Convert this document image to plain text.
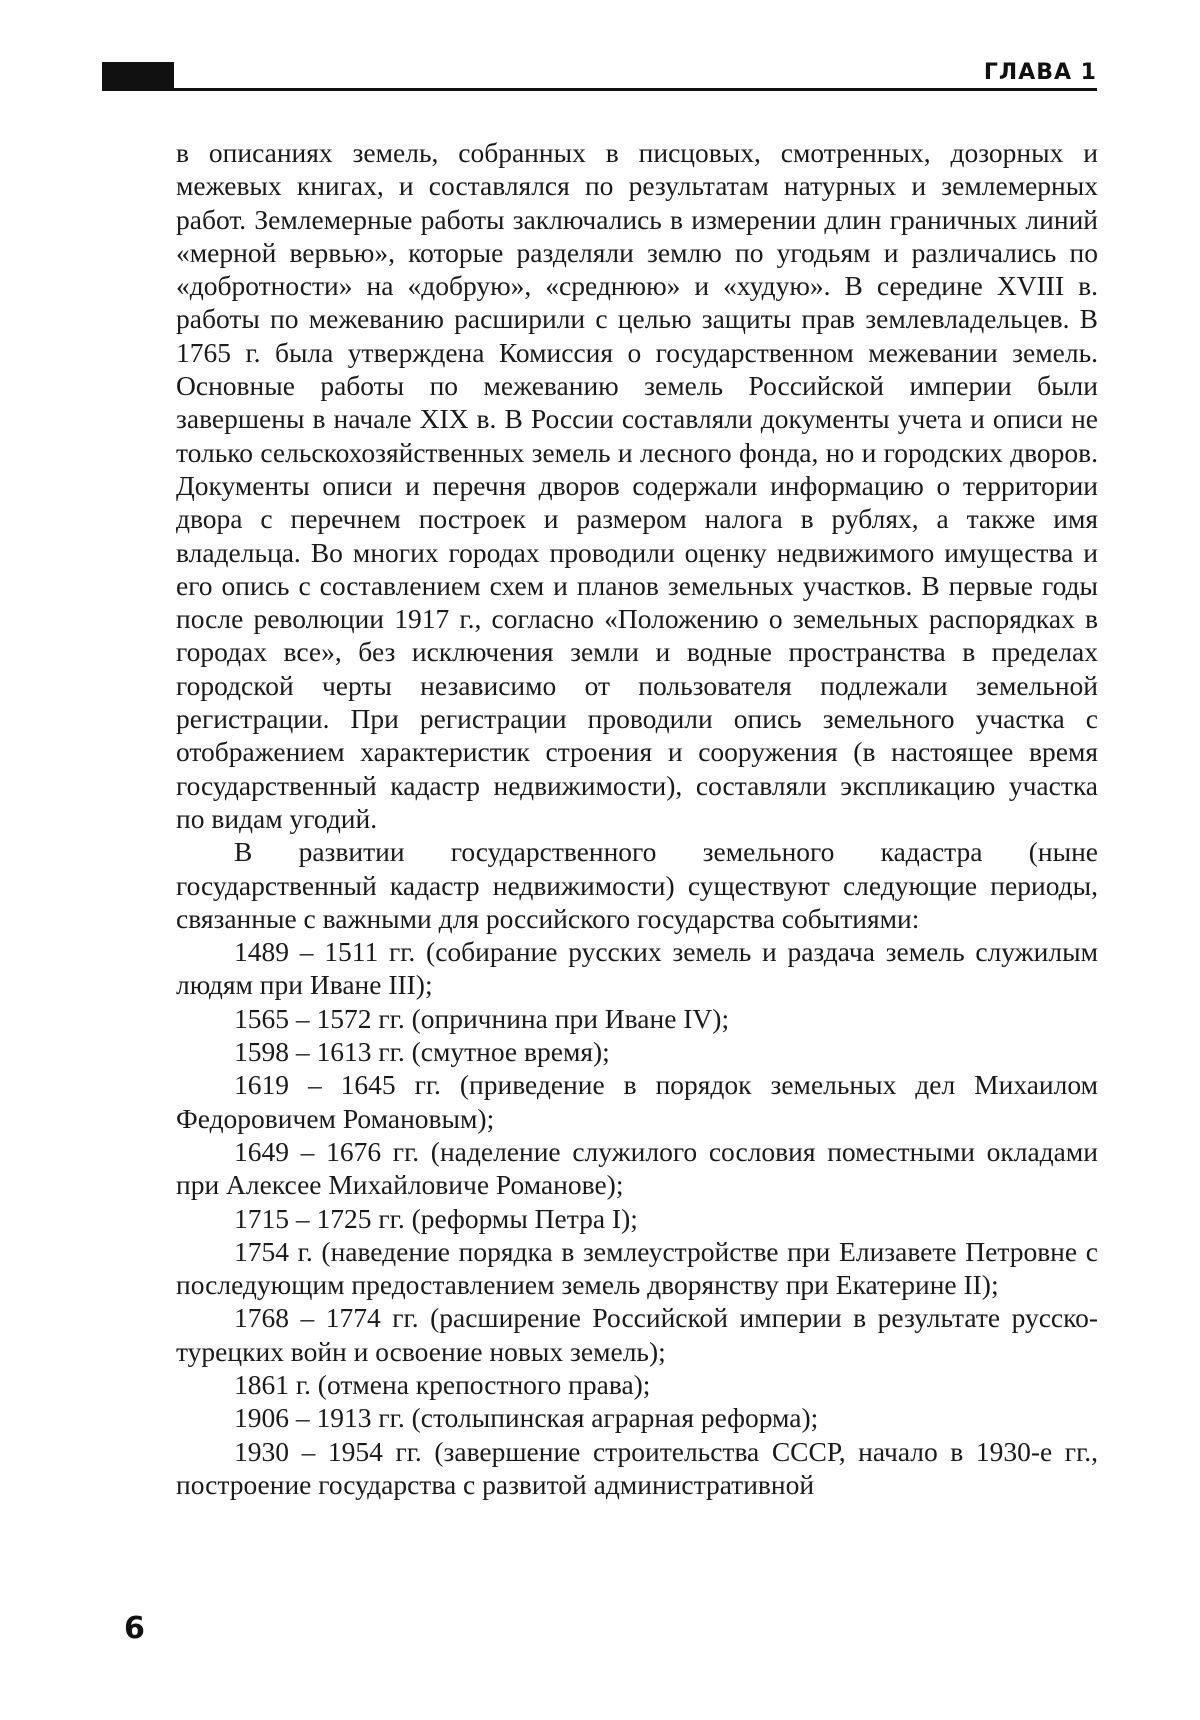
ГЛАВА 1

в описаниях земель, собранных в писцовых, смотренных, дозорных и межевых книгах, и составлялся по результатам натурных и землемерных работ. Землемерные работы заключались в измерении длин граничных линий «мерной вервью», которые разделяли землю по угодьям и различались по «добротности» на «добрую», «среднюю» и «худую». В середине XVIII в. работы по межеванию расширили с целью защиты прав землевладельцев. В 1765 г. была утверждена Комиссия о государственном межевании земель. Основные работы по межеванию земель Российской империи были завершены в начале XIX в. В России составляли документы учета и описи не только сельскохозяйственных земель и лесного фонда, но и городских дворов. Документы описи и перечня дворов содержали информацию о территории двора с перечнем построек и размером налога в рублях, а также имя владельца. Во многих городах проводили оценку недвижимого имущества и его опись с составлением схем и планов земельных участков. В первые годы после революции 1917 г., согласно «Положению о земельных распорядках в городах все», без исключения земли и водные пространства в пределах городской черты независимо от пользователя подлежали земельной регистрации. При регистрации проводили опись земельного участка с отображением характеристик строения и сооружения (в настоящее время государственный кадастр недвижимости), составляли экспликацию участка по видам угодий.

В развитии государственного земельного кадастра (ныне государственный кадастр недвижимости) существуют следующие периоды, связанные с важными для российского государства событиями:

1489 – 1511 гг. (собирание русских земель и раздача земель служилым людям при Иване III);

1565 – 1572 гг. (опричнина при Иване IV);

1598 – 1613 гг. (смутное время);

1619 – 1645 гг. (приведение в порядок земельных дел Михаилом Федоровичем Романовым);

1649 – 1676 гг. (наделение служилого сословия поместными окладами при Алексее Михайловиче Романове);

1715 – 1725 гг. (реформы Петра I);

1754 г. (наведение порядка в землеустройстве при Елизавете Петровне с последующим предоставлением земель дворянству при Екатерине II);

1768 – 1774 гг. (расширение Российской империи в результате русско-турецких войн и освоение новых земель);

1861 г. (отмена крепостного права);

1906 – 1913 гг. (столыпинская аграрная реформа);

1930 – 1954 гг. (завершение строительства СССР, начало в 1930-е гг., построение государства с развитой административной

6
